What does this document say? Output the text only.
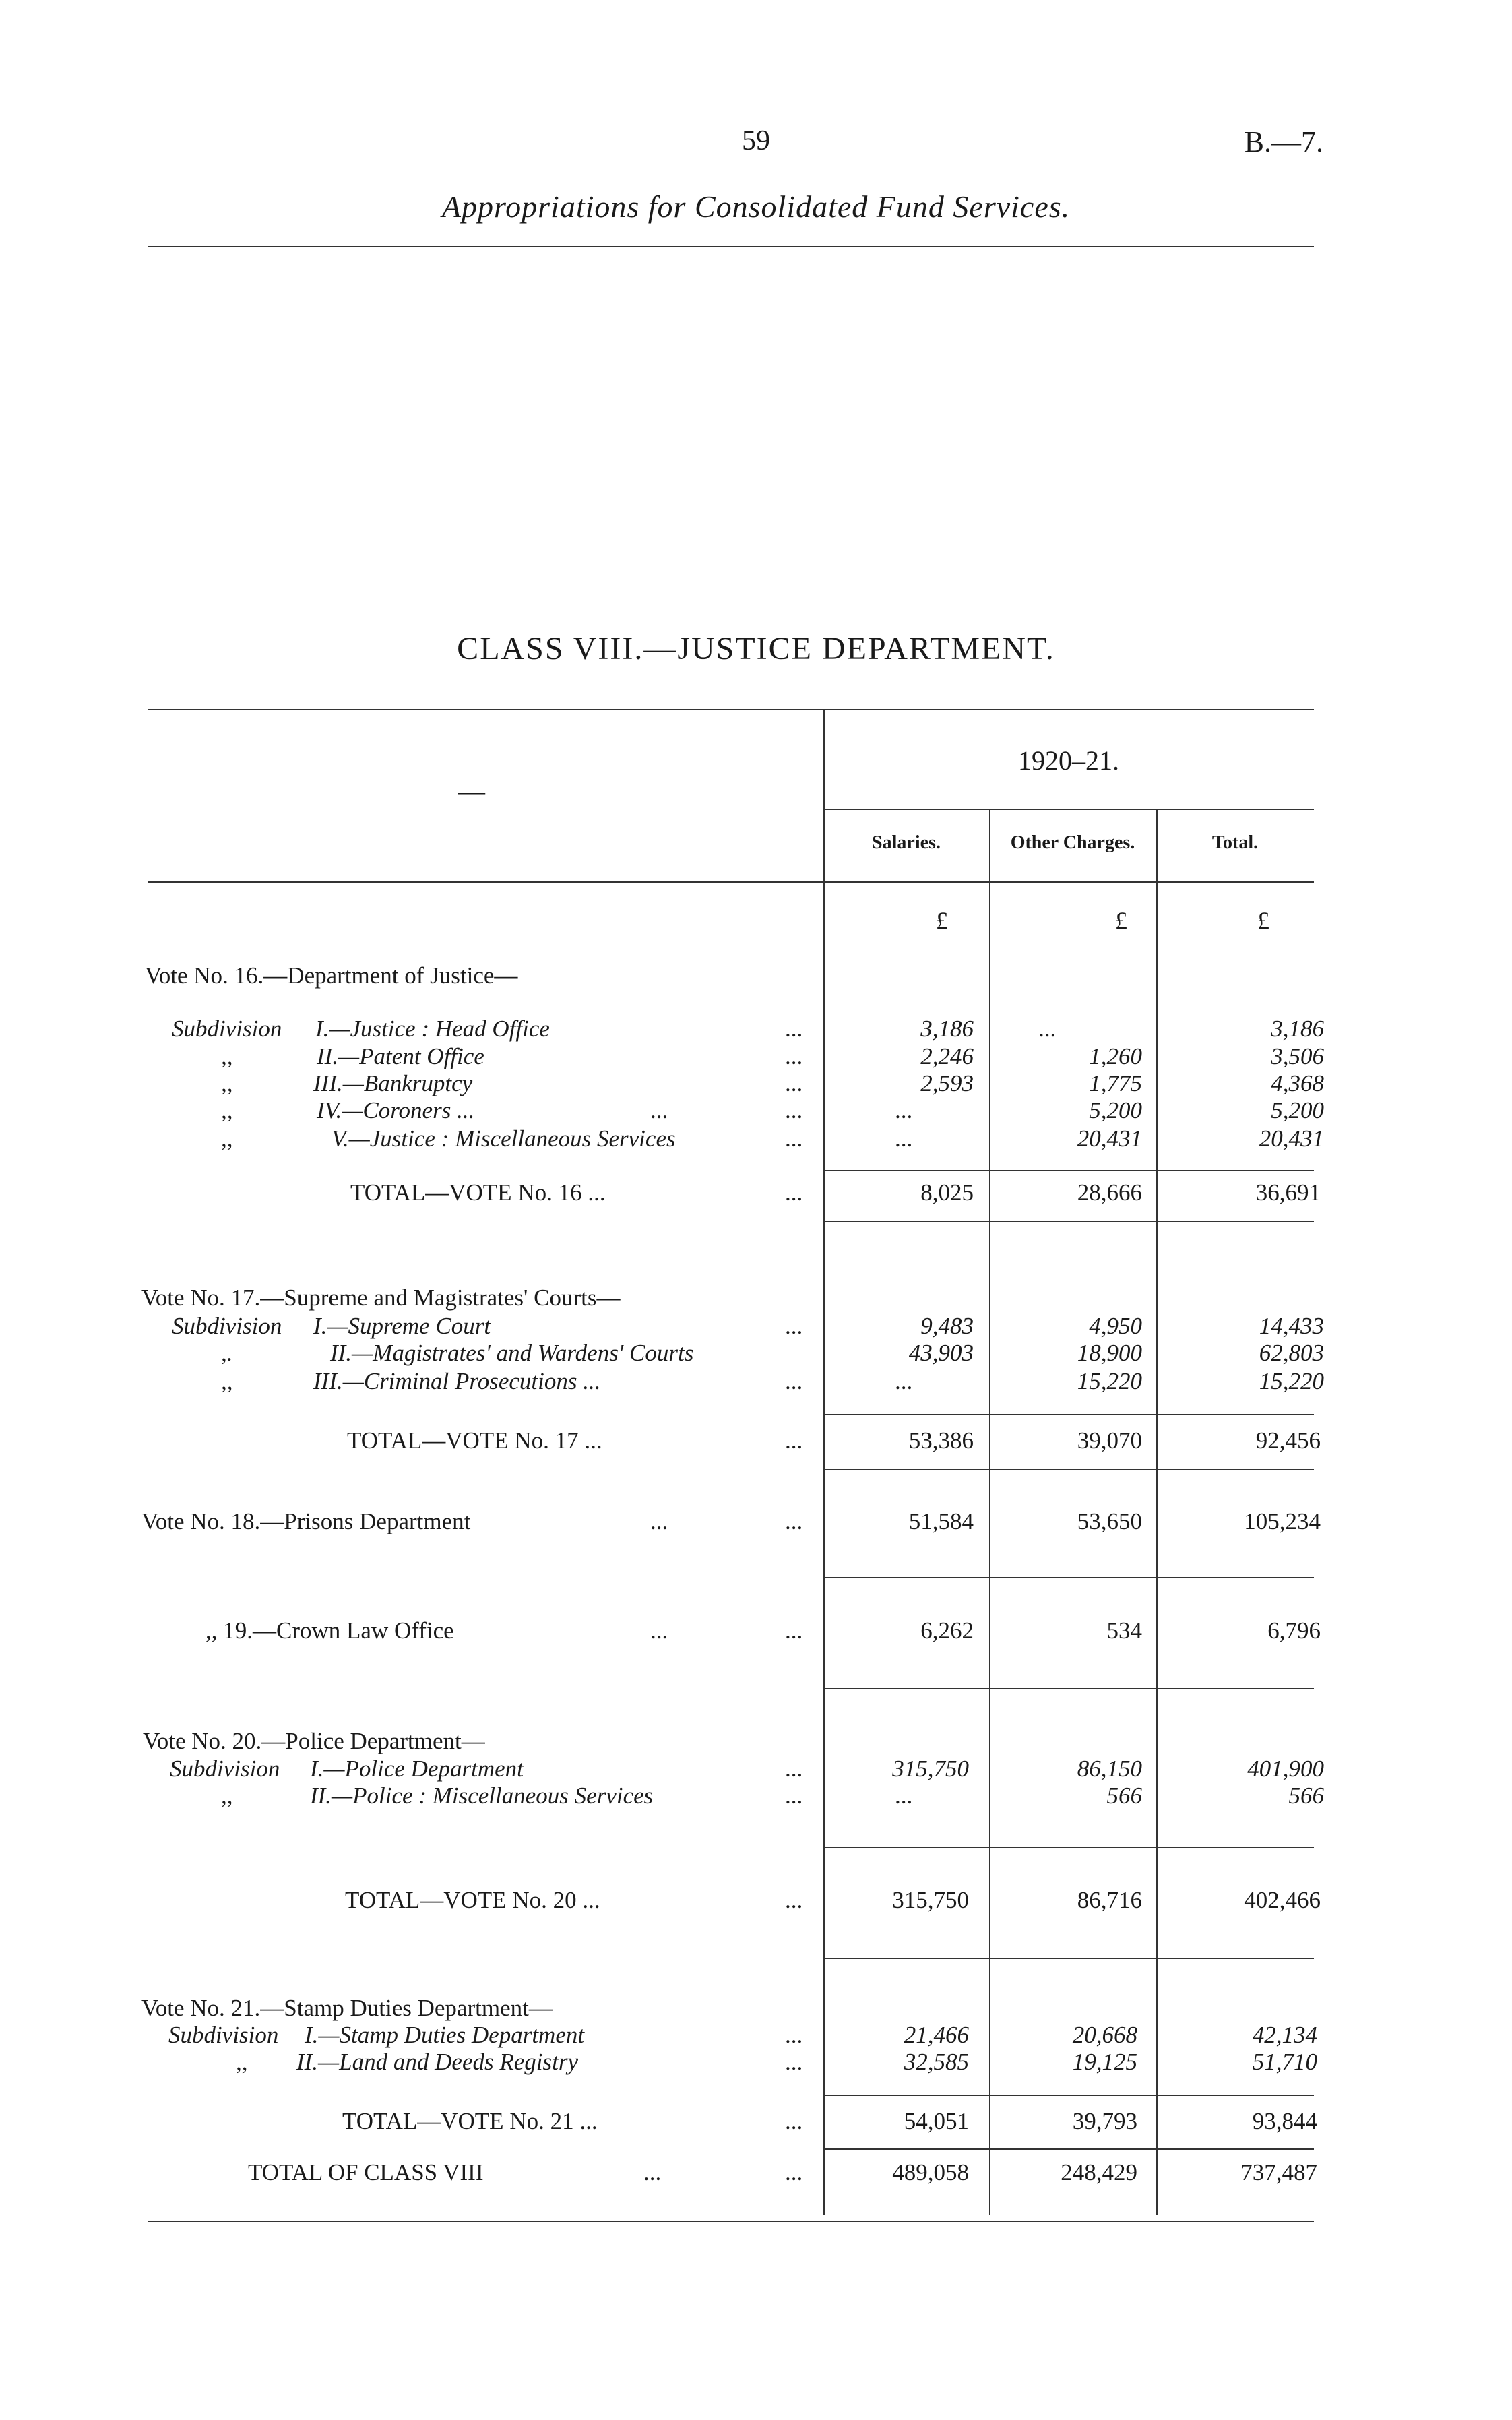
59	B.—7.
Appropriations for Consolidated Fund Services.
CLASS VIII.—JUSTICE DEPARTMENT.
—
1920–21.
Salaries.	Other Charges.	Total.
£	£	£
Vote No. 16.—Department of Justice—
Subdivision I.—Justice : Head Office	...	3,186	...	3,186
,,	II.—Patent Office	...	2,246	1,260	3,506
,,	III.—Bankruptcy	...	2,593	1,775	4,368
,,	IV.—Coroners ...	...	...	...	5,200	5,200
,,	V.—Justice : Miscellaneous Services	...	...	20,431	20,431
TOTAL—VOTE No. 16 ...	...	8,025	28,666	36,691
Vote No. 17.—Supreme and Magistrates' Courts—
Subdivision I.—Supreme Court	...	9,483	4,950	14,433
,.	II.—Magistrates' and Wardens' Courts	43,903	18,900	62,803
,,	III.—Criminal Prosecutions ...	...	...	15,220	15,220
TOTAL—VOTE No. 17 ...	...	53,386	39,070	92,456
Vote No. 18.—Prisons Department	...	...	51,584	53,650	105,234
,, 19.—Crown Law Office	...	...	6,262	534	6,796
Vote No. 20.—Police Department—
Subdivision I.—Police Department	...	315,750	86,150	401,900
,,	II.—Police : Miscellaneous Services	...	...	566	566
TOTAL—VOTE No. 20 ...	...	315,750	86,716	402,466
Vote No. 21.—Stamp Duties Department—
Subdivision I.—Stamp Duties Department	...	21,466	20,668	42,134
,, II.—Land and Deeds Registry	...	32,585	19,125	51,710
TOTAL—VOTE No. 21 ...	...	54,051	39,793	93,844
TOTAL OF CLASS VIII	...	...	489,058	248,429	737,487
